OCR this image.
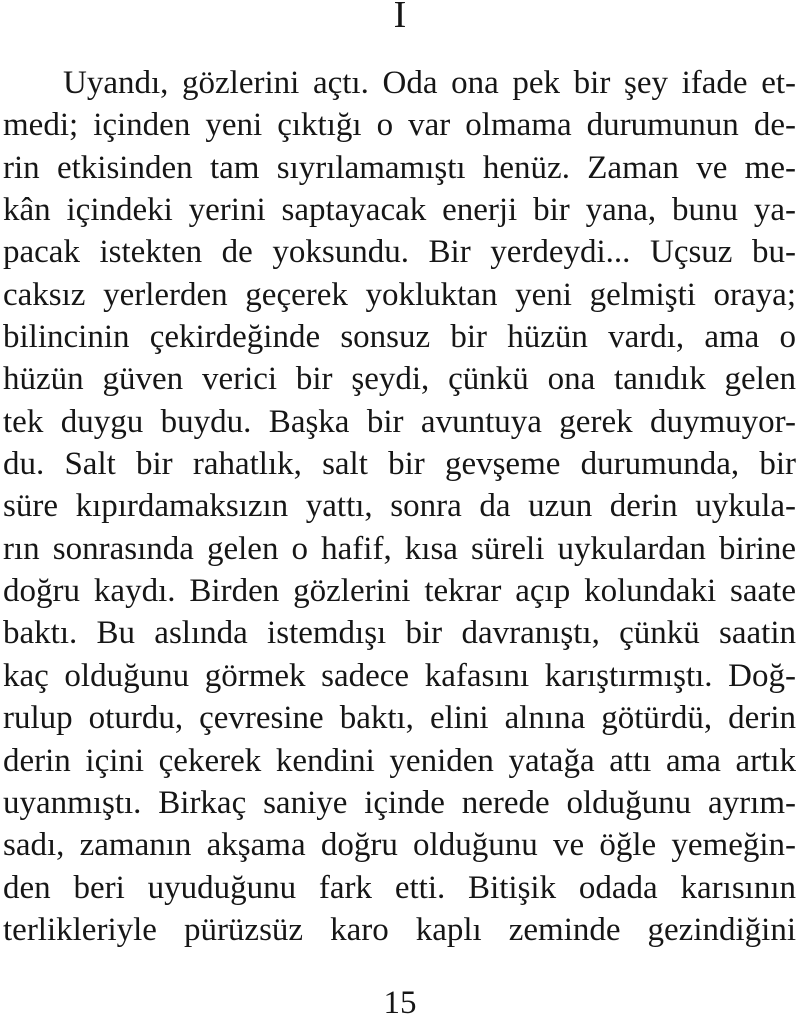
I
Uyandı, gözlerini açtı. Oda ona pek bir şey ifade et-
medi; içinden yeni çıktığı o var olmama durumunun de-
rin etkisinden tam sıyrılamamıştı henüz. Zaman ve me-
kân içindeki yerini saptayacak enerji bir yana, bunu ya-
pacak istekten de yoksundu. Bir yerdeydi... Uçsuz bu-
caksız yerlerden geçerek yokluktan yeni gelmişti oraya;
bilincinin çekirdeğinde sonsuz bir hüzün vardı, ama o
hüzün güven verici bir şeydi, çünkü ona tanıdık gelen
tek duygu buydu. Başka bir avuntuya gerek duymuyor-
du. Salt bir rahatlık, salt bir gevşeme durumunda, bir
süre kıpırdamaksızın yattı, sonra da uzun derin uykula-
rın sonrasında gelen o hafif, kısa süreli uykulardan birine
doğru kaydı. Birden gözlerini tekrar açıp kolundaki saate
baktı. Bu aslında istemdışı bir davranıştı, çünkü saatin
kaç olduğunu görmek sadece kafasını karıştırmıştı. Doğ-
rulup oturdu, çevresine baktı, elini alnına götürdü, derin
derin içini çekerek kendini yeniden yatağa attı ama artık
uyanmıştı. Birkaç saniye içinde nerede olduğunu ayrım-
sadı, zamanın akşama doğru olduğunu ve öğle yemeğin-
den beri uyuduğunu fark etti. Bitişik odada karısının
terlikleriyle pürüzsüz karo kaplı zeminde gezindiğini
15
